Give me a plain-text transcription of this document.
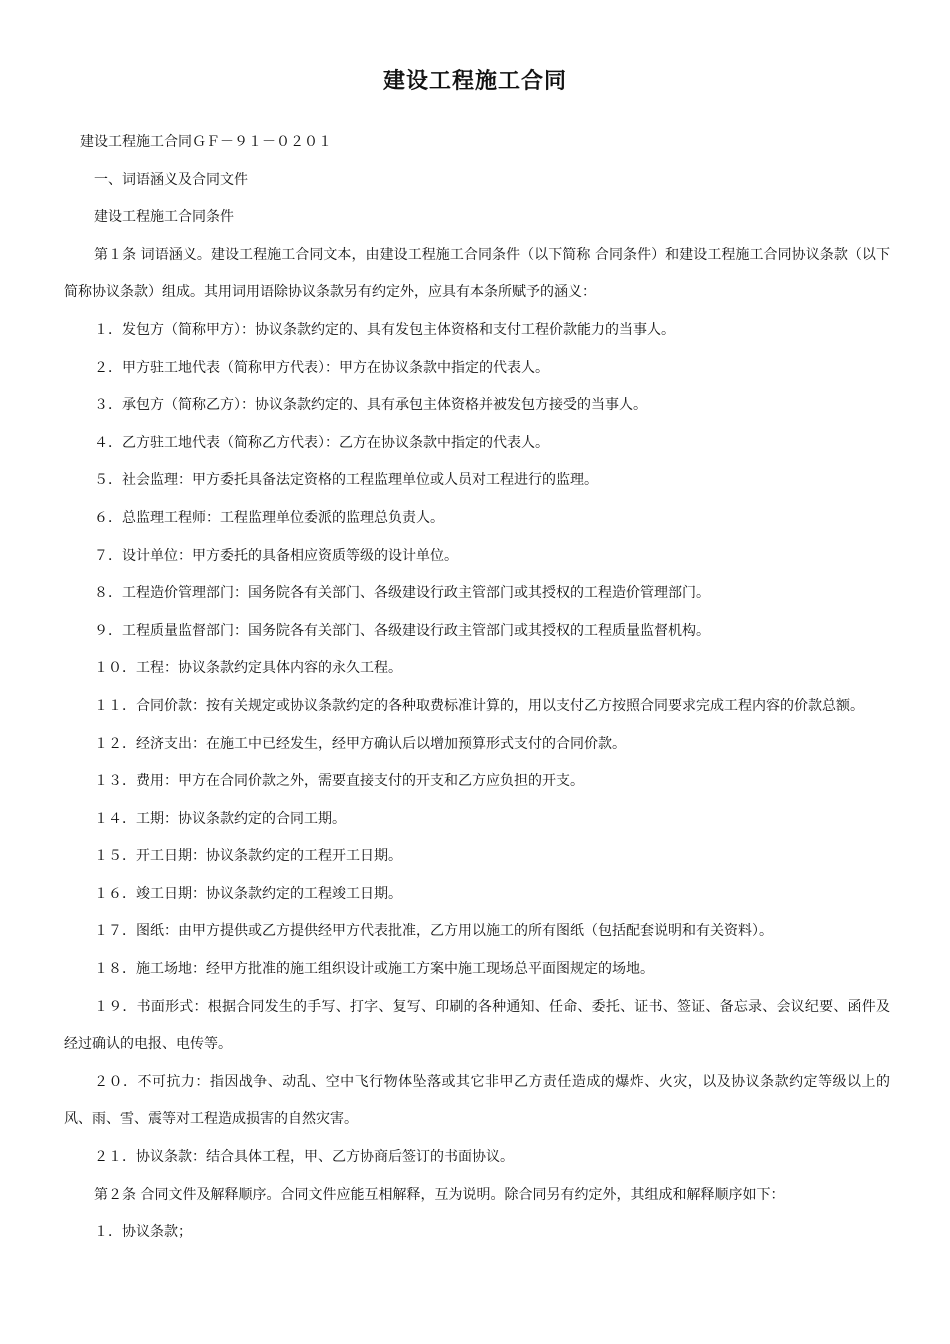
建设工程施工合同

建设工程施工合同ＧＦ－９１－０２０１

一、词语涵义及合同文件

建设工程施工合同条件

第１条 词语涵义。建设工程施工合同文本，由建设工程施工合同条件（以下简称 合同条件）和建设工程施工合同协议条款（以下简称协议条款）组成。其用词用语除协议条款另有约定外，应具有本条所赋予的涵义：

１．发包方（简称甲方）：协议条款约定的、具有发包主体资格和支付工程价款能力的当事人。

２．甲方驻工地代表（简称甲方代表）：甲方在协议条款中指定的代表人。

３．承包方（简称乙方）：协议条款约定的、具有承包主体资格并被发包方接受的当事人。

４．乙方驻工地代表（简称乙方代表）：乙方在协议条款中指定的代表人。

５．社会监理：甲方委托具备法定资格的工程监理单位或人员对工程进行的监理。

６．总监理工程师：工程监理单位委派的监理总负责人。

７．设计单位：甲方委托的具备相应资质等级的设计单位。

８．工程造价管理部门：国务院各有关部门、各级建设行政主管部门或其授权的工程造价管理部门。

９．工程质量监督部门：国务院各有关部门、各级建设行政主管部门或其授权的工程质量监督机构。

１０．工程：协议条款约定具体内容的永久工程。

１１．合同价款：按有关规定或协议条款约定的各种取费标准计算的，用以支付乙方按照合同要求完成工程内容的价款总额。

１２．经济支出：在施工中已经发生，经甲方确认后以增加预算形式支付的合同价款。

１３．费用：甲方在合同价款之外，需要直接支付的开支和乙方应负担的开支。

１４．工期：协议条款约定的合同工期。

１５．开工日期：协议条款约定的工程开工日期。

１６．竣工日期：协议条款约定的工程竣工日期。

１７．图纸：由甲方提供或乙方提供经甲方代表批准，乙方用以施工的所有图纸（包括配套说明和有关资料）。

１８．施工场地：经甲方批准的施工组织设计或施工方案中施工现场总平面图规定的场地。

１９．书面形式：根据合同发生的手写、打字、复写、印刷的各种通知、任命、委托、证书、签证、备忘录、会议纪要、函件及经过确认的电报、电传等。

２０．不可抗力：指因战争、动乱、空中飞行物体坠落或其它非甲乙方责任造成的爆炸、火灾，以及协议条款约定等级以上的风、雨、雪、震等对工程造成损害的自然灾害。

２１．协议条款：结合具体工程，甲、乙方协商后签订的书面协议。

第２条 合同文件及解释顺序。合同文件应能互相解释，互为说明。除合同另有约定外，其组成和解释顺序如下：

１．协议条款；
